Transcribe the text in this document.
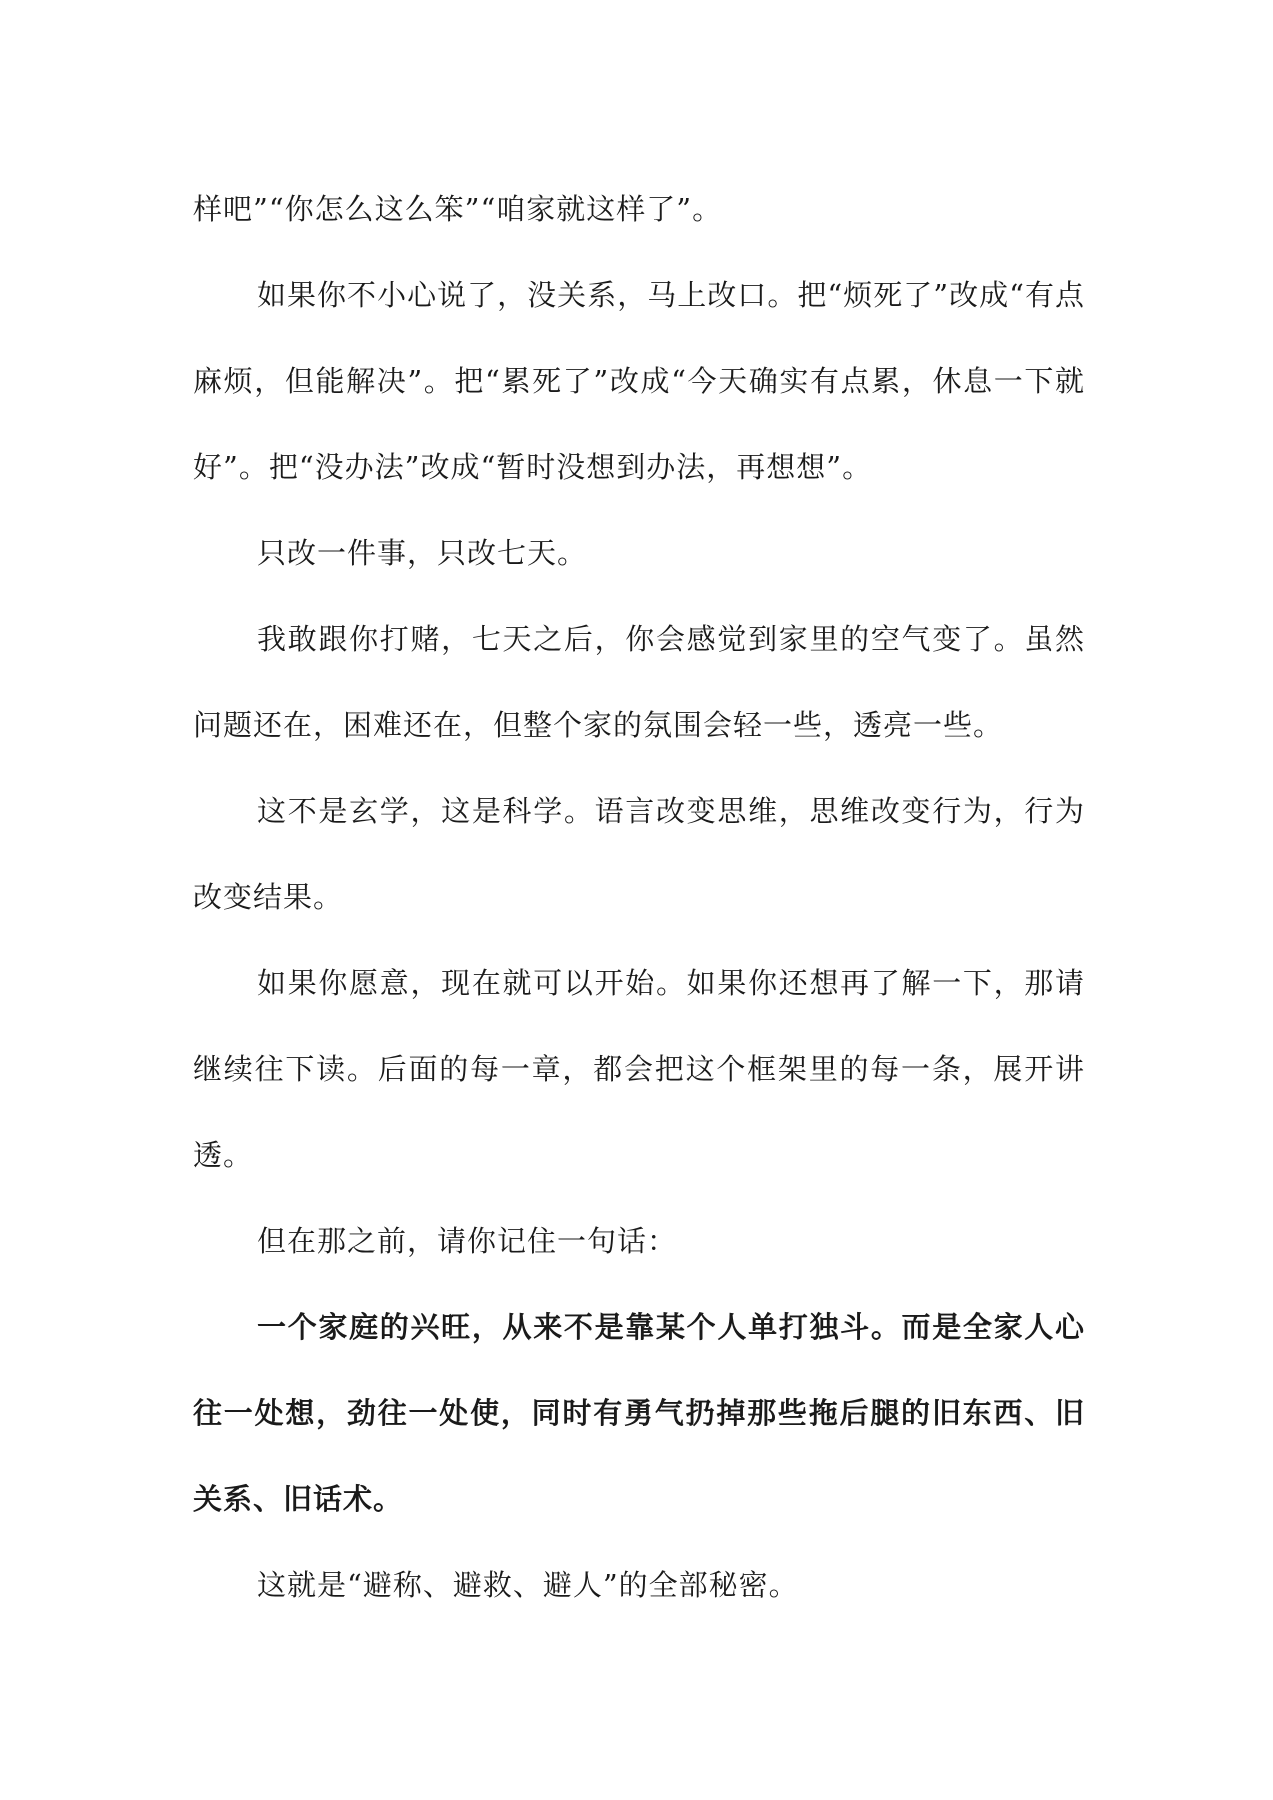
样吧”“你怎么这么笨”“咱家就这样了”。

如果你不小心说了，没关系，马上改口。把“烦死了”改成“有点麻烦，但能解决”。把“累死了”改成“今天确实有点累，休息一下就好”。把“没办法”改成“暂时没想到办法，再想想”。

只改一件事，只改七天。

我敢跟你打赌，七天之后，你会感觉到家里的空气变了。虽然问题还在，困难还在，但整个家的氛围会轻一些，透亮一些。

这不是玄学，这是科学。语言改变思维，思维改变行为，行为改变结果。

如果你愿意，现在就可以开始。如果你还想再了解一下，那请继续往下读。后面的每一章，都会把这个框架里的每一条，展开讲透。

但在那之前，请你记住一句话：

一个家庭的兴旺，从来不是靠某个人单打独斗。而是全家人心往一处想，劲往一处使，同时有勇气扔掉那些拖后腿的旧东西、旧关系、旧话术。

这就是“避称、避救、避人”的全部秘密。
